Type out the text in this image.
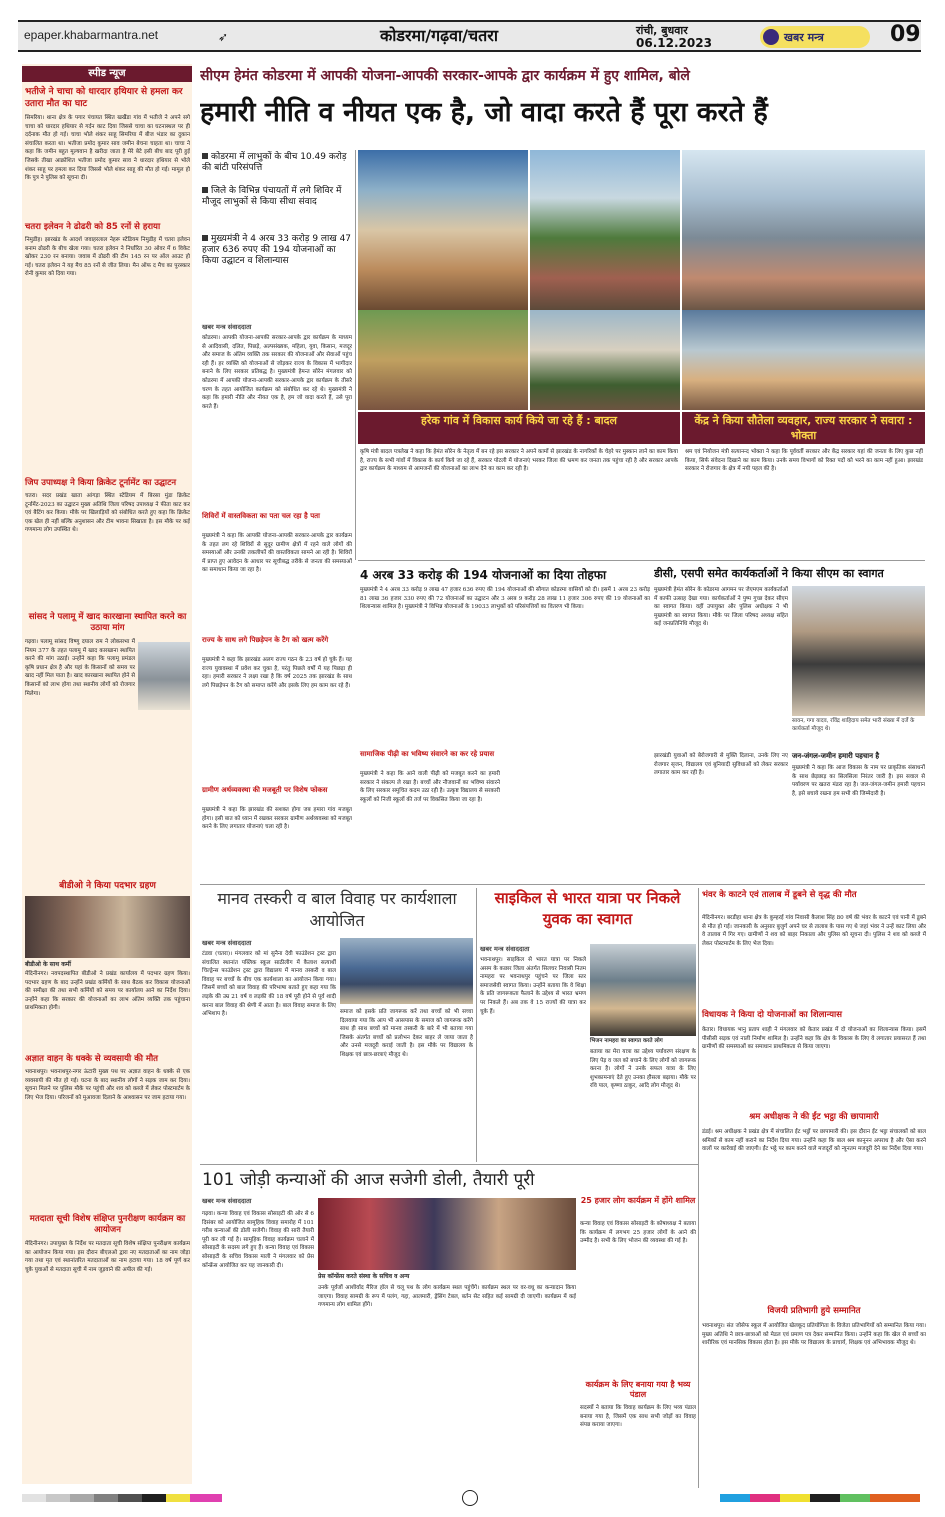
epaper.khabarmantra.net	➶	कोडरमा/गढ़वा/चतरा	रांची, बुधवार
06.12.2023	खबर मन्त्र	09
स्पीड न्यूज
भतीजे ने चाचा को धारदार हथियार से हमला कर उतारा मौत का घाट
सिमरिया। थाना क्षेत्र के पगार पंचायत स्थित खखैंडा गांव में भतीजे ने अपने सगे चाचा को धारदार हथियार से गर्दन काट दिया जिससे चाचा का घटनास्थल पर ही दर्दनाक मौत हो गई। चाचा भोले शंकर साहू सिमरिया में बीज भंडार का दुकान संचालित करता था। भतीजा प्रमोद कुमार साव जमीन बेचना चाहता था। चाचा ने कहा कि जमीन बहुत मूल्यवान है खरीदा जाता है मेरे बेटे इसी बीच बाद पूरी हुई जिसके तीखा आक्रोशित भतीजा प्रमोद कुमार साव ने धारदार हथियार से भोले शंकर साहू पर हमला कर दिया जिससे भोले शंकर साहू की मौत हो गई। मामूल हो कि पुत्र ने पुलिस को सूचना दी।
चतरा इलेवन ने ढोढरी को 85 रनों से हराया
निमुडीह। झारखंड के आदर्श जवाहरलाल नेहरू स्टेडियम निमुडीह में चतरा इलेवन बनाम ढोढरी के बीच खेला गया। चतरा इलेवन ने निर्धारित 30 ओवर में 6 विकेट खोकर 230 रन बनाया। जवाब में ढोढरी की टीम 145 रन पर ऑल आउट हो गई। चतरा इलेवन ने यह मैच 85 रनों से जीत लिया। मैन ऑफ द मैच का पुरस्कार रोनी कुमार को दिया गया।
जिप उपाध्यक्ष ने किया क्रिकेट टूर्नामेंट का उद्घाटन
चतरा। सदर प्रखंड खाता आंगड़ा स्थित स्टेडियम में बिरसा मुंडा क्रिकेट टूर्नामेंट-2023 का उद्घाटन मुख्य अतिथि जिला परिषद उपाध्यक्ष ने फीता काट कर एवं बैटिंग कर किया। मौके पर खिलाड़ियों को संबोधित करते हुए कहा कि क्रिकेट एक खेल ही नहीं बल्कि अनुशासन और टीम भावना सिखाता है। इस मौके पर कई गणमान्य लोग उपस्थित थे।
सांसद ने पलामू में खाद कारखाना स्थापित करने का उठाया मांग
गढ़वा। पलामू सांसद विष्णु दयाल राम ने लोकसभा में नियम 377 के तहत पलामू में खाद कारखाना स्थापित करने की मांग उठाई। उन्होंने कहा कि पलामू प्रमंडल कृषि प्रधान क्षेत्र है और यहां के किसानों को समय पर खाद नहीं मिल पाता है। खाद कारखाना स्थापित होने से किसानों को लाभ होगा तथा स्थानीय लोगों को रोजगार मिलेगा।
बीडीओ ने किया पदभार ग्रहण
बीडीओ के साथ कर्मी
मेदिनीनगर। नवपदस्थापित बीडीओ ने प्रखंड कार्यालय में पदभार ग्रहण किया। पदभार ग्रहण के बाद उन्होंने प्रखंड कर्मियों के साथ बैठक कर विकास योजनाओं की समीक्षा की तथा सभी कर्मियों को समय पर कार्यालय आने का निर्देश दिया। उन्होंने कहा कि सरकार की योजनाओं का लाभ अंतिम व्यक्ति तक पहुंचाना प्राथमिकता होगी।
अज्ञात वाहन के धक्के से व्यवसायी की मौत
भवनाथपुर। भवनाथपुर-नगर ऊंटारी मुख्य पथ पर अज्ञात वाहन के धक्के से एक व्यवसायी की मौत हो गई। घटना के बाद स्थानीय लोगों ने सड़क जाम कर दिया। सूचना मिलने पर पुलिस मौके पर पहुंची और शव को कब्जे में लेकर पोस्टमार्टम के लिए भेज दिया। परिजनों को मुआवजा दिलाने के आश्वासन पर जाम हटाया गया।
मतदाता सूची विशेष संक्षिप्त पुनरीक्षण कार्यक्रम का आयोजन
मेदिनीनगर। उपायुक्त के निर्देश पर मतदाता सूची विशेष संक्षिप्त पुनरीक्षण कार्यक्रम का आयोजन किया गया। इस दौरान बीएलओ द्वारा नए मतदाताओं का नाम जोड़ा गया तथा मृत एवं स्थानांतरित मतदाताओं का नाम हटाया गया। 18 वर्ष पूर्ण कर चुके युवाओं से मतदाता सूची में नाम जुड़वाने की अपील की गई।
सीएम हेमंत कोडरमा में आपकी योजना-आपकी सरकार-आपके द्वार कार्यक्रम में हुए शामिल, बोले
हमारी नीति व नीयत एक है, जो वादा करते हैं पूरा करते हैं
कोडरमा में लाभुकों के बीच 10.49 करोड़ की बांटी परिसंपत्ति
जिले के विभिन्न पंचायतों में लगे शिविर में मौजूद लाभुकों से किया सीधा संवाद
मुख्यमंत्री ने 4 अरब 33 करोड़ 9 लाख 47 हजार 636 रुपए की 194 योजनाओं का किया उद्घाटन व शिलान्यास
हरेक गांव में विकास कार्य किये जा रहे हैं : बादल	केंद्र ने किया सौतेला व्यवहार, राज्य सरकार ने सवारा : भोक्ता
खबर मन्त्र संवाददाता
कोडरमा। आपकी योजना-आपकी सरकार-आपके द्वार कार्यक्रम के माध्यम से आदिवासी, दलित, पिछड़े, अल्पसंख्यक, महिला, युवा, किसान, मजदूर और समाज के अंतिम व्यक्ति तक सरकार की योजनाओं और सेवाओं पहुंच रही हैं। हर व्यक्ति को योजनाओं से जोड़कर राज्य के विकास में भागीदार बनाने के लिए सरकार प्रतिबद्ध है। मुख्यमंत्री हेमन्त सोरेन मंगलवार को कोडरमा में आपकी योजना-आपकी सरकार-आपके द्वार कार्यक्रम के तीसरे चरण के तहत आयोजित कार्यक्रम को संबोधित कर रहे थे। मुख्यमंत्री ने कहा कि हमारी नीति और नीयत एक है, हम जो वादा करते हैं, उसे पूरा करते हैं।
शिविरों में वास्तविकता का पता चल रहा है पता
मुख्यमंत्री ने कहा कि आपकी योजना-आपकी सरकार-आपके द्वार कार्यक्रम के तहत लग रहे शिविरों से सुदूर ग्रामीण क्षेत्रों में रहने वाले लोगों की समस्याओं और उनकी तकलीफों की वास्तविकता सामने आ रही है। शिविरों में प्राप्त हुए आवेदन के आधार पर सूचीबद्ध तरीके से जनता की समस्याओं का समाधान किया जा रहा है।
कृषि मंत्री बादल पत्रलेख ने कहा कि हेमंत सोरेन के नेतृत्व में बन रहे इस सरकार ने अपने कामों से झारखंड के नागरिकों के चेहरे पर मुस्कान लाने का काम किया है, राज्य के सभी गांवों में विकास के कार्य किये जा रहे हैं, सरकार पोटली में योजनाएं भरकर जिला की भ्रमण कर जनता तक पहुंचा रही है और सरकार आपके द्वार कार्यक्रम के माध्यम से आमजनों की योजनाओं का लाभ देने का काम कर रही है।
श्रम एवं नियोजन मंत्री सत्यानन्द भोक्ता ने कहा कि पूर्ववर्ती सरकार और केंद्र सरकार यहां की जनता के लिए कुछ नहीं किया, सिर्फ संवेदना दिखाने का काम किया। उनके समय विभागों को रिक्त पदों को भरने का काम नहीं हुआ। झारखंड सरकार ने रोजगार के क्षेत्र में नयी पहल की है।
4 अरब 33 करोड़ की 194 योजनाओं का दिया तोहफा
मुख्यमंत्री ने 4 अरब 33 करोड़ 9 लाख 47 हजार 636 रुपए की 194 योजनाओं की सौगात कोडरमा वासियों को दी। इसमें 1 अरब 23 करोड़ 81 लाख 36 हजार 330 रुपए की 72 योजनाओं का उद्घाटन और 3 अरब 9 करोड़ 28 लाख 11 हजार 306 रुपए की 19 योजनाओं का शिलान्यास शामिल है। मुख्यमंत्री ने विभिन्न योजनाओं के 19033 लाभुकों को परिसंपत्तियों का वितरण भी किया।
सामाजिक पीढ़ी का भविष्य संवारने का कर रहे प्रयास
मुख्यमंत्री ने कहा कि आने वाली पीढ़ी को मजबूत करने का हमारी सरकार ने संकल्प ले रखा है। बच्चों और नौजवानों का भविष्य संवारने के लिए सरकार समुचित कदम उठा रही है। उत्कृष्ट विद्यालय से सरकारी स्कूलों को निजी स्कूलों की तर्ज पर विकसित किया जा रहा है।
राज्य के साथ लगे पिछड़ेपन के टैग को खत्म करेंगे
मुख्यमंत्री ने कहा कि झारखंड अलग राज्य गठन के 23 वर्ष हो चुके हैं। यह राज्य युवावस्था में प्रवेश कर चुका है, परंतु पिछले वर्षों में यह पिछड़ा ही रहा। हमारी सरकार ने लक्ष्य रखा है कि वर्ष 2025 तक झारखंड के साथ लगे पिछड़ेपन के टैग को समाप्त करेंगे और इसके लिए हम काम कर रहे हैं।
ग्रामीण अर्थव्यवस्था की मजबूती पर विशेष फोकस
मुख्यमंत्री ने कहा कि झारखंड की सशक्त होगा जब हमारा गांव मजबूत होगा। इसी बात को ध्यान में रखकर सरकार ग्रामीण अर्थव्यवस्था को मजबूत करने के लिए लगातार योजनाएं चला रही है।
डीसी, एसपी समेत कार्यकर्ताओं ने किया सीएम का स्वागत
मुख्यमंत्री हेमंत सोरेन के कोडरमा आगमन पर जेएमएम कार्यकर्ताओं में काफी उत्साह देखा गया। कार्यकर्ताओं ने पुष्प गुच्छ देकर सीएम का स्वागत किया। वहीं उपायुक्त और पुलिस अधीक्षक ने भी मुख्यमंत्री का स्वागत किया। मौके पर जिला परिषद अध्यक्ष सहित कई जनप्रतिनिधि मौजूद थे।
सावन, गगा यादव, रविंद्र शाहिदाय समेत भारी संख्या में दर्जे के कार्यकर्ता मौजूद थे।
झारखंडी युवाओं को बेरोजगारी से मुक्ति दिलाना, उनके लिए नए रोजगार सृजन, विद्यालय एवं बुनियादी सुविधाओं को लेकर सरकार लगातार काम कर रही है।
जन-जंगल-जमीन हमारी पहचान है
मुख्यमंत्री ने कहा कि आज विकास के नाम पर प्राकृतिक संसाधनों के साथ छेड़छाड़ का सिलसिला निरंतर जारी है। इस सवाल से पर्यावरण पर खतरा मंडरा रहा है। जल-जंगल-जमीन हमारी पहचान है, इसे बचाये रखना हम सभी की जिम्मेदारी है।
मानव तस्करी व बाल विवाह पर कार्यशाला आयोजित
खबर मन्त्र संवाददाता
टंडवा (चतरा)। मंगलवार को मां सुनैना देवी फाउंडेशन ट्रस्ट द्वारा संचालित स्थानांत पब्लिक स्कूल साठीलीग में कैलाश सत्यार्थी चिल्ड्रेन्स फाउंडेशन ट्रस्ट द्वारा विद्यालय में मानव तस्करी व बाल विवाह पर बच्चों के बीच एक कार्यशाला का आयोजन किया गया। जिसमें बच्चों को बाल विवाह की परिभाषा बताते हुए कहा गया कि लड़के की उम्र 21 वर्ष व लड़की की 18 वर्ष पूरी होने से पूर्व शादी करना बाल विवाह की श्रेणी में आता है। बाल विवाह समाज के लिए अभिशाप है।	समाज को इसके प्रति जागरूक करें तथा बच्चों को भी सच्चा दिलवाया गया कि आप भी आसपास के समाज को जागरूक करेंगे साथ ही साथ बच्चों को मानव तस्करी के बारे में भी बताया गया जिसके अंतर्गत बच्चों को प्रलोभन देकर बाहर ले जाया जाता है और उनसे मजदूरी कराई जाती है। इस मौके पर विद्यालय के शिक्षक एवं छात्र-छात्राएं मौजूद थे।
साइकिल से भारत यात्रा पर निकले युवक का स्वागत
खबर मन्त्र संवाददाता
भिजन नामहरा का स्वागत करते लोग
भवनाथपुर। साइकिल से भारत यात्रा पर निकले असम के कछार जिला अंतर्गत सिलचर निवासी नितम नामहरा पर भवनाथपुर पहुंचने पर जिला स्तर समाजसेवी स्वागत किया। उन्होंने बताया कि वे शिक्षा के प्रति जागरूकता फैलाने के उद्देश्य से भारत भ्रमण पर निकले हैं। अब तक वे 15 राज्यों की यात्रा कर चुके हैं।
बताया का मेरा यात्रा का उद्देश्य पर्यावरण संरक्षण के लिए पेड़ व जल को बचाने के लिए लोगों को जागरूक करना है। लोगों ने उनके सफल यात्रा के लिए शुभकामनाएं देते हुए उनका हौसला बढ़ाया। मौके पर रवि पाल, कृष्णा ठाकुर, आदि लोग मौजूद थे।
भंवर के काटने एवं तालाब में डूबने से वृद्ध की मौत
मेदिनीनगर। बरडीहा थाना क्षेत्र के कुम्हरई गांव निवासी कैलाश सिंह 80 वर्ष की भंवर के काटने एवं पानी में डूबने से मौत हो गई। जानकारी के अनुसार बुजुर्ग अपने घर से तालाब के पास गए थे जहां भंवर ने उन्हें काट लिया और वे तालाब में गिर गए। ग्रामीणों ने शव को बाहर निकाला और पुलिस को सूचना दी। पुलिस ने शव को कब्जे में लेकर पोस्टमार्टम के लिए भेज दिया।
विधायक ने किया दो योजनाओं का शिलान्यास
केतार। विधायक भानु प्रताप शाही ने मंगलवार को केतार प्रखंड में दो योजनाओं का शिलान्यास किया। इसमें पीसीसी सड़क एवं नाली निर्माण शामिल है। उन्होंने कहा कि क्षेत्र के विकास के लिए वे लगातार प्रयासरत हैं तथा ग्रामीणों की समस्याओं का समाधान प्राथमिकता से किया जाएगा।
श्रम अधीक्षक ने की ईंट भट्ठा की छापामारी
डंडई। श्रम अधीक्षक ने प्रखंड क्षेत्र में संचालित ईंट भट्ठों पर छापामारी की। इस दौरान ईंट भट्ठा संचालकों को बाल श्रमिकों से काम नहीं कराने का निर्देश दिया गया। उन्होंने कहा कि बाल श्रम कानूनन अपराध है और ऐसा करने वालों पर कार्रवाई की जाएगी। ईंट भट्ठे पर काम करने वाले मजदूरों को न्यूनतम मजदूरी देने का निर्देश दिया गया।
विजयी प्रतिभागी हुये सम्मानित
भवनाथपुर। संत जोसेफ स्कूल में आयोजित खेलकूद प्रतियोगिता के विजेता प्रतिभागियों को सम्मानित किया गया। मुख्य अतिथि ने छात्र-छात्राओं को मेडल एवं प्रमाण पत्र देकर सम्मानित किया। उन्होंने कहा कि खेल से बच्चों का शारीरिक एवं मानसिक विकास होता है। इस मौके पर विद्यालय के प्राचार्य, शिक्षक एवं अभिभावक मौजूद थे।
101 जोड़ी कन्याओं की आज सजेगी डोली, तैयारी पूरी
खबर मन्त्र संवाददाता
प्रेस कॉन्फ्रेंस करते संस्था के सचिव व अन्य
गढ़वा। कन्या विवाह एवं विकास सोसाइटी की ओर से 6 दिसंबर को आयोजित सामूहिक विवाह समारोह में 101 गरीब कन्याओं की डोली सजेगी। विवाह की सारी तैयारी पूरी कर ली गई है। सामूहिक विवाह कार्यक्रम चलाने में सोसाइटी के सदस्य लगे हुए हैं। कन्या विवाह एवं विकास सोसाइटी के सचिव विकास माली ने मंगलवार को प्रेस कॉन्फ्रेंस आयोजित कर यह जानकारी दी।
उनके पूर्वजों आशीर्वाद मैरिज हॉल से चलू पथ के लोग कार्यक्रम स्थल पहुंचेंगे। कार्यक्रम स्थल पर वर-वधू का कन्यादान किया जाएगा। विवाह सामग्री के रूप में पलंग, गद्दा, आलमारी, ड्रेसिंग टेबल, बर्तन सेट सहित कई सामग्री दी जाएगी। कार्यक्रम में कई गणमान्य लोग शामिल होंगे।
25 हजार लोग कार्यक्रम में होंगे शामिल
कन्या विवाह एवं विकास सोसाइटी के कोषाध्यक्ष ने बताया कि कार्यक्रम में लगभग 25 हजार लोगों के आने की उम्मीद है। सभी के लिए भोजन की व्यवस्था की गई है।
कार्यक्रम के लिए बनाया गया है भव्य पंडाल
सदस्यों ने बताया कि विवाह कार्यक्रम के लिए भव्य पंडाल बनाया गया है, जिसमें एक साथ सभी जोड़ों का विवाह संपन्न कराया जाएगा।
